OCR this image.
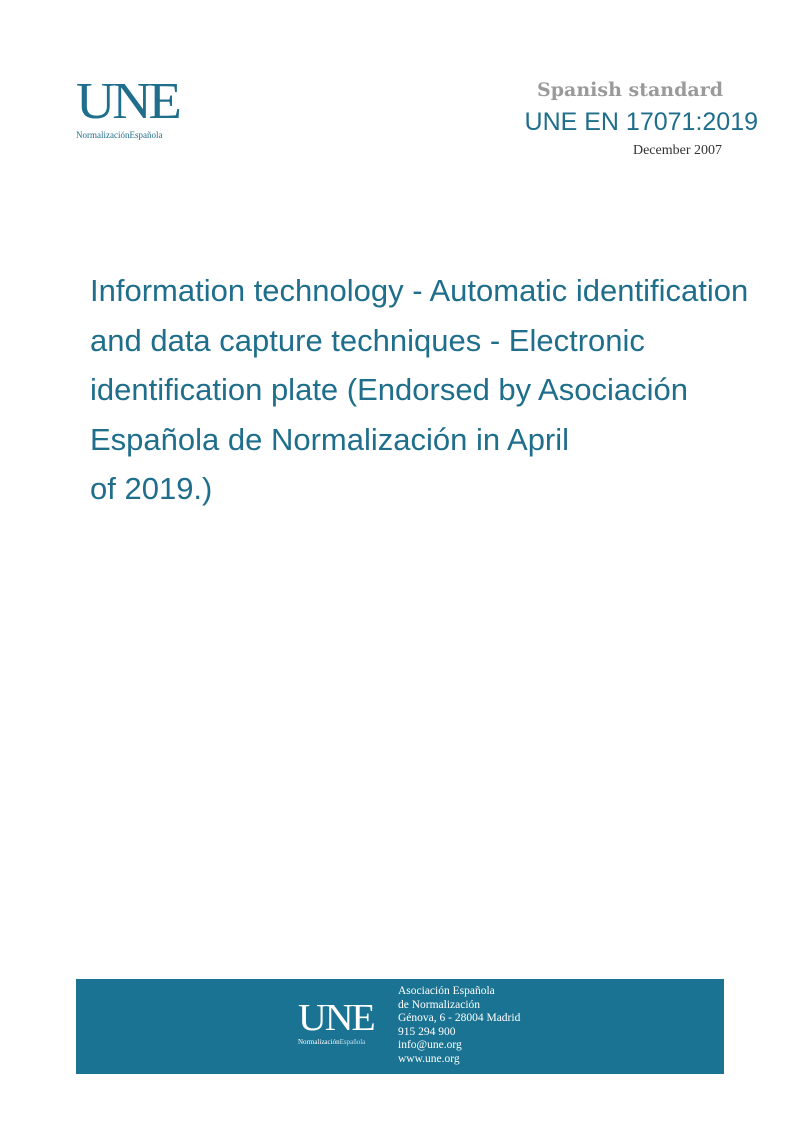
UNE
NormalizaciónEspañola
Spanish standard
UNE EN 17071:2019
December 2007
Information technology - Automatic identification
and data capture techniques - Electronic
identification plate (Endorsed by Asociación
Española de Normalización in April
of 2019.)
UNE
NormalizaciónEspañola
Asociación Española
de Normalización
Génova, 6 - 28004 Madrid
915 294 900
info@une.org
www.une.org
